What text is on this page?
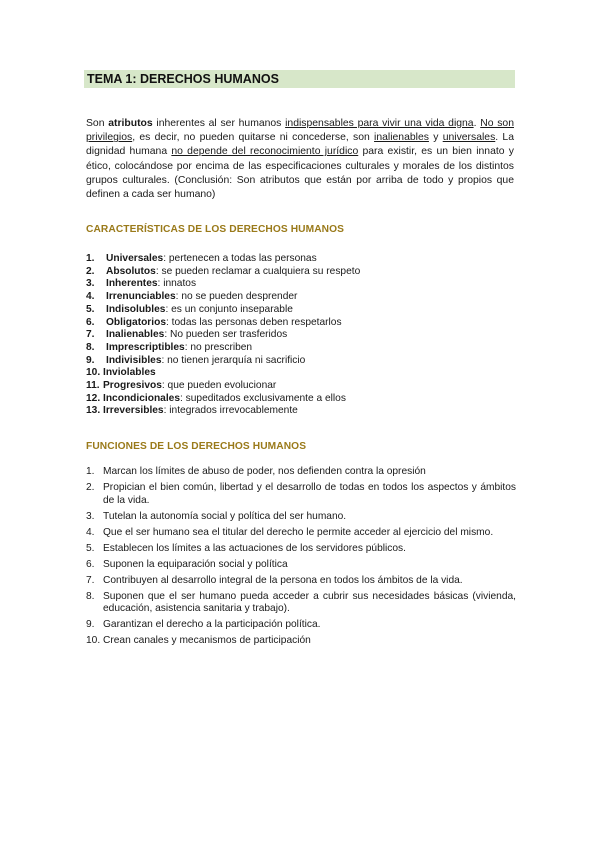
TEMA 1: DERECHOS HUMANOS

Son atributos inherentes al ser humanos indispensables para vivir una vida digna. No son privilegios, es decir, no pueden quitarse ni concederse, son inalienables y universales. La dignidad humana no depende del reconocimiento jurídico para existir, es un bien innato y ético, colocándose por encima de las especificaciones culturales y morales de los distintos grupos culturales. (Conclusión: Son atributos que están por arriba de todo y propios que definen a cada ser humano)

CARACTERÍSTICAS DE LOS DERECHOS HUMANOS
1. Universales: pertenecen a todas las personas
2. Absolutos: se pueden reclamar a cualquiera su respeto
3. Inherentes: innatos
4. Irrenunciables: no se pueden desprender
5. Indisolubles: es un conjunto inseparable
6. Obligatorios: todas las personas deben respetarlos
7. Inalienables: No pueden ser trasferidos
8. Imprescriptibles: no prescriben
9. Indivisibles: no tienen jerarquía ni sacrificio
10. Inviolables
11. Progresivos: que pueden evolucionar
12. Incondicionales: supeditados exclusivamente a ellos
13. Irreversibles: integrados irrevocablemente
FUNCIONES DE LOS DERECHOS HUMANOS
1. Marcan los límites de abuso de poder, nos defienden contra la opresión
2. Propician el bien común, libertad y el desarrollo de todas en todos los aspectos y ámbitos de la vida.
3. Tutelan la autonomía social y política del ser humano.
4. Que el ser humano sea el titular del derecho le permite acceder al ejercicio del mismo.
5. Establecen los límites a las actuaciones de los servidores públicos.
6. Suponen la equiparación social y política
7. Contribuyen al desarrollo integral de la persona en todos los ámbitos de la vida.
8. Suponen que el ser humano pueda acceder a cubrir sus necesidades básicas (vivienda, educación, asistencia sanitaria y trabajo).
9. Garantizan el derecho a la participación política.
10. Crean canales y mecanismos de participación
